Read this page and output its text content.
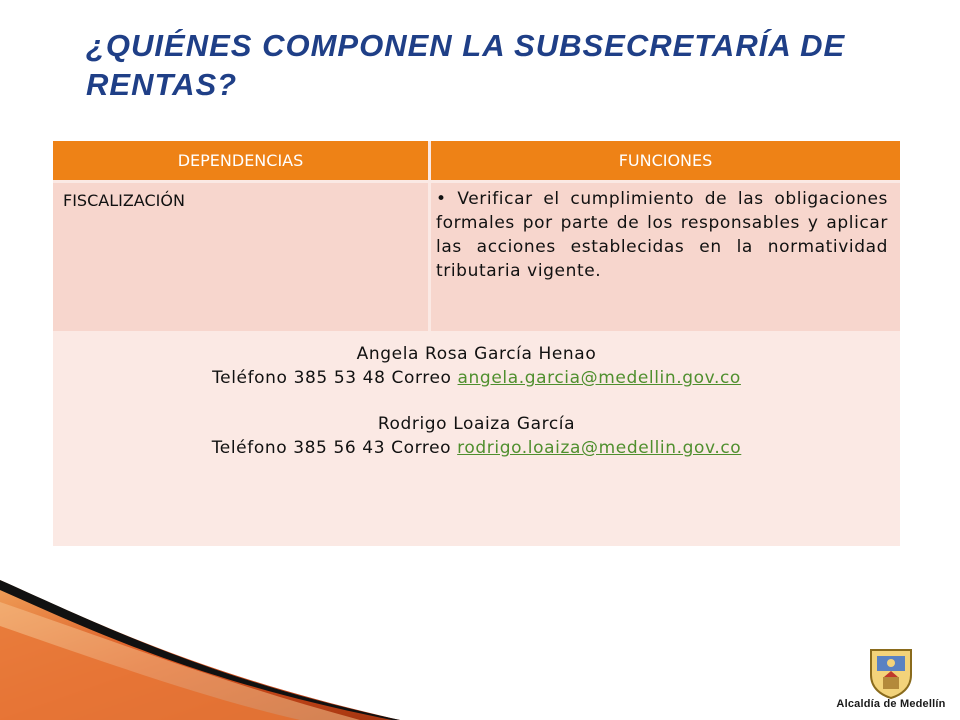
¿QUIÉNES COMPONEN LA SUBSECRETARÍA DE RENTAS?
DEPENDENCIAS	FUNCIONES
FISCALIZACIÓN	• Verificar el cumplimiento de las obligaciones formales por parte de los responsables y aplicar las acciones establecidas en la normatividad tributaria vigente.
Angela Rosa García Henao
Teléfono 385 53 48 Correo angela.garcia@medellin.gov.co
Rodrigo Loaiza García
Teléfono 385 56 43 Correo rodrigo.loaiza@medellin.gov.co
Alcaldía de Medellín
